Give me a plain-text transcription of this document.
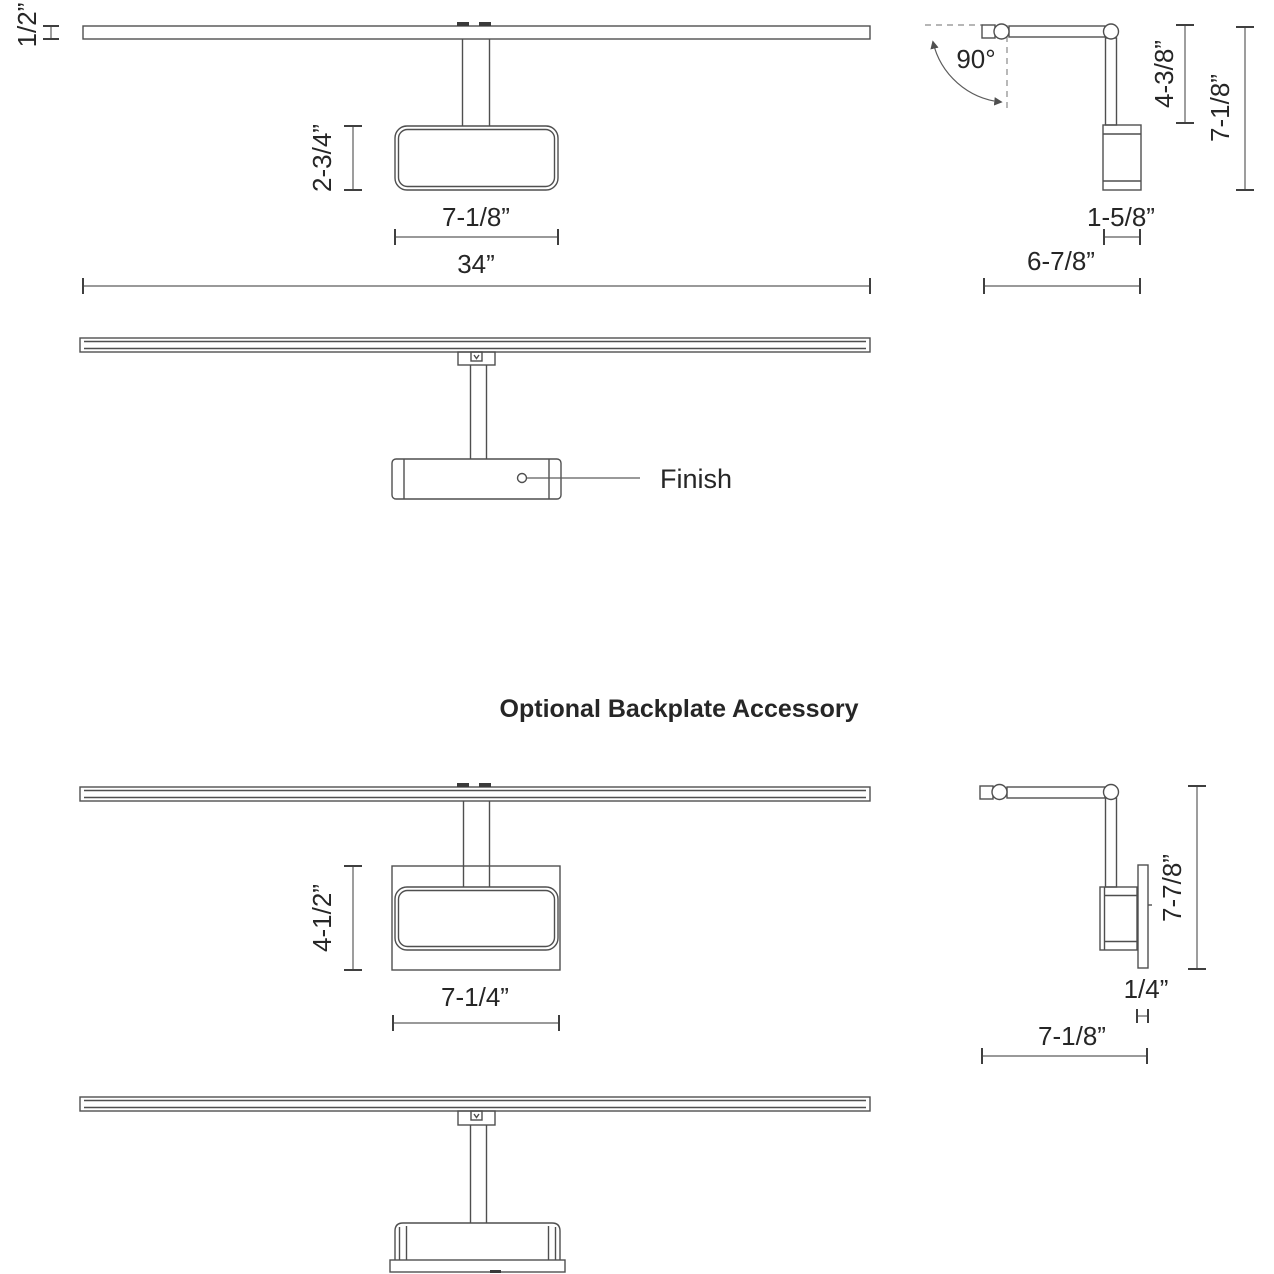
1/2”
2-3/4”
7-1/8”
34”
90°	4-3/8”
7-1/8”
1-5/8”
6-7/8”
Finish
Optional Backplate Accessory
4-1/2”
7-1/4”
7-7/8”
1/4”
7-1/8”
